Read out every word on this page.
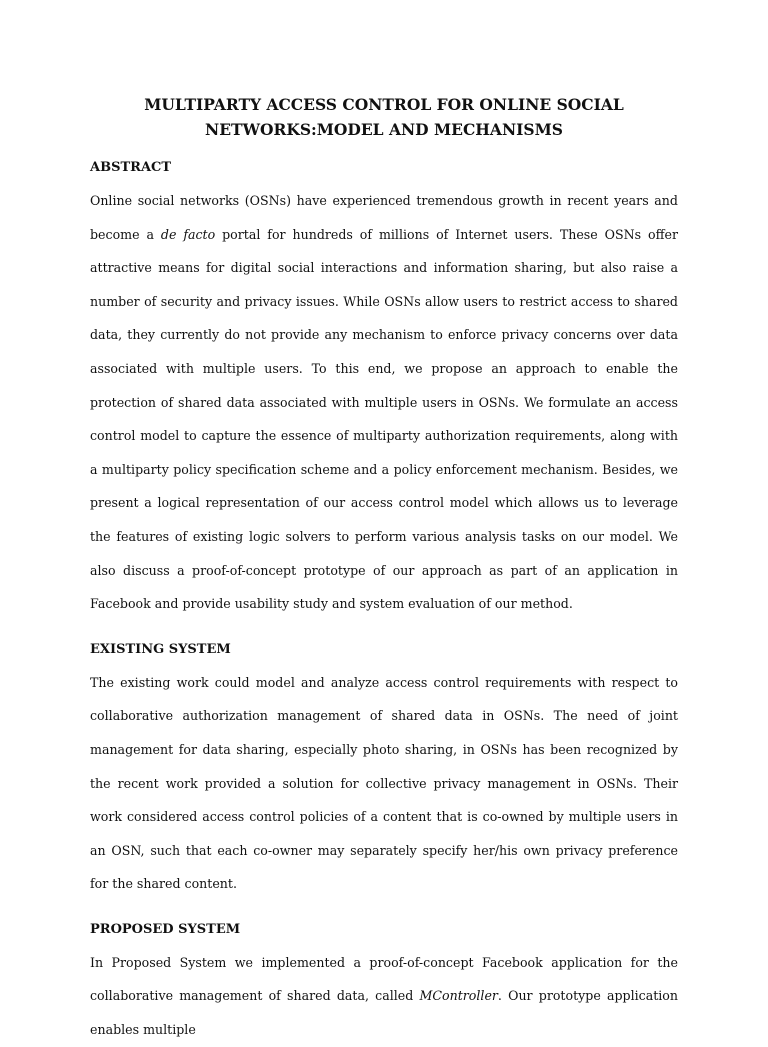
MULTIPARTY ACCESS CONTROL FOR ONLINE SOCIAL NETWORKS:MODEL AND MECHANISMS
ABSTRACT

Online social networks (OSNs) have experienced tremendous growth in recent years and become a de facto portal for hundreds of millions of Internet users. These OSNs offer attractive means for digital social interactions and information sharing, but also raise a number of security and privacy issues. While OSNs allow users to restrict access to shared data, they currently do not provide any mechanism to enforce privacy concerns over data associated with multiple users. To this end, we propose an approach to enable the protection of shared data associated with multiple users in OSNs. We formulate an access control model to capture the essence of multiparty authorization requirements, along with a multiparty policy specification scheme and a policy enforcement mechanism. Besides, we present a logical representation of our access control model which allows us to leverage the features of existing logic solvers to perform various analysis tasks on our model. We also discuss a proof-of-concept prototype of our approach as part of an application in Facebook and provide usability study and system evaluation of our method.

EXISTING SYSTEM

The existing work could model and analyze access control requirements with respect to collaborative authorization management of shared data in OSNs. The need of joint management for data sharing, especially photo sharing, in OSNs has been recognized by the recent work provided a solution for collective privacy management in OSNs. Their work considered access control policies of a content that is co-owned by multiple users in an OSN, such that each co-owner may separately specify her/his own privacy preference for the shared content.

PROPOSED SYSTEM

In Proposed System we implemented a proof-of-concept Facebook application for the collaborative management of shared data, called MController. Our prototype application enables multiple
